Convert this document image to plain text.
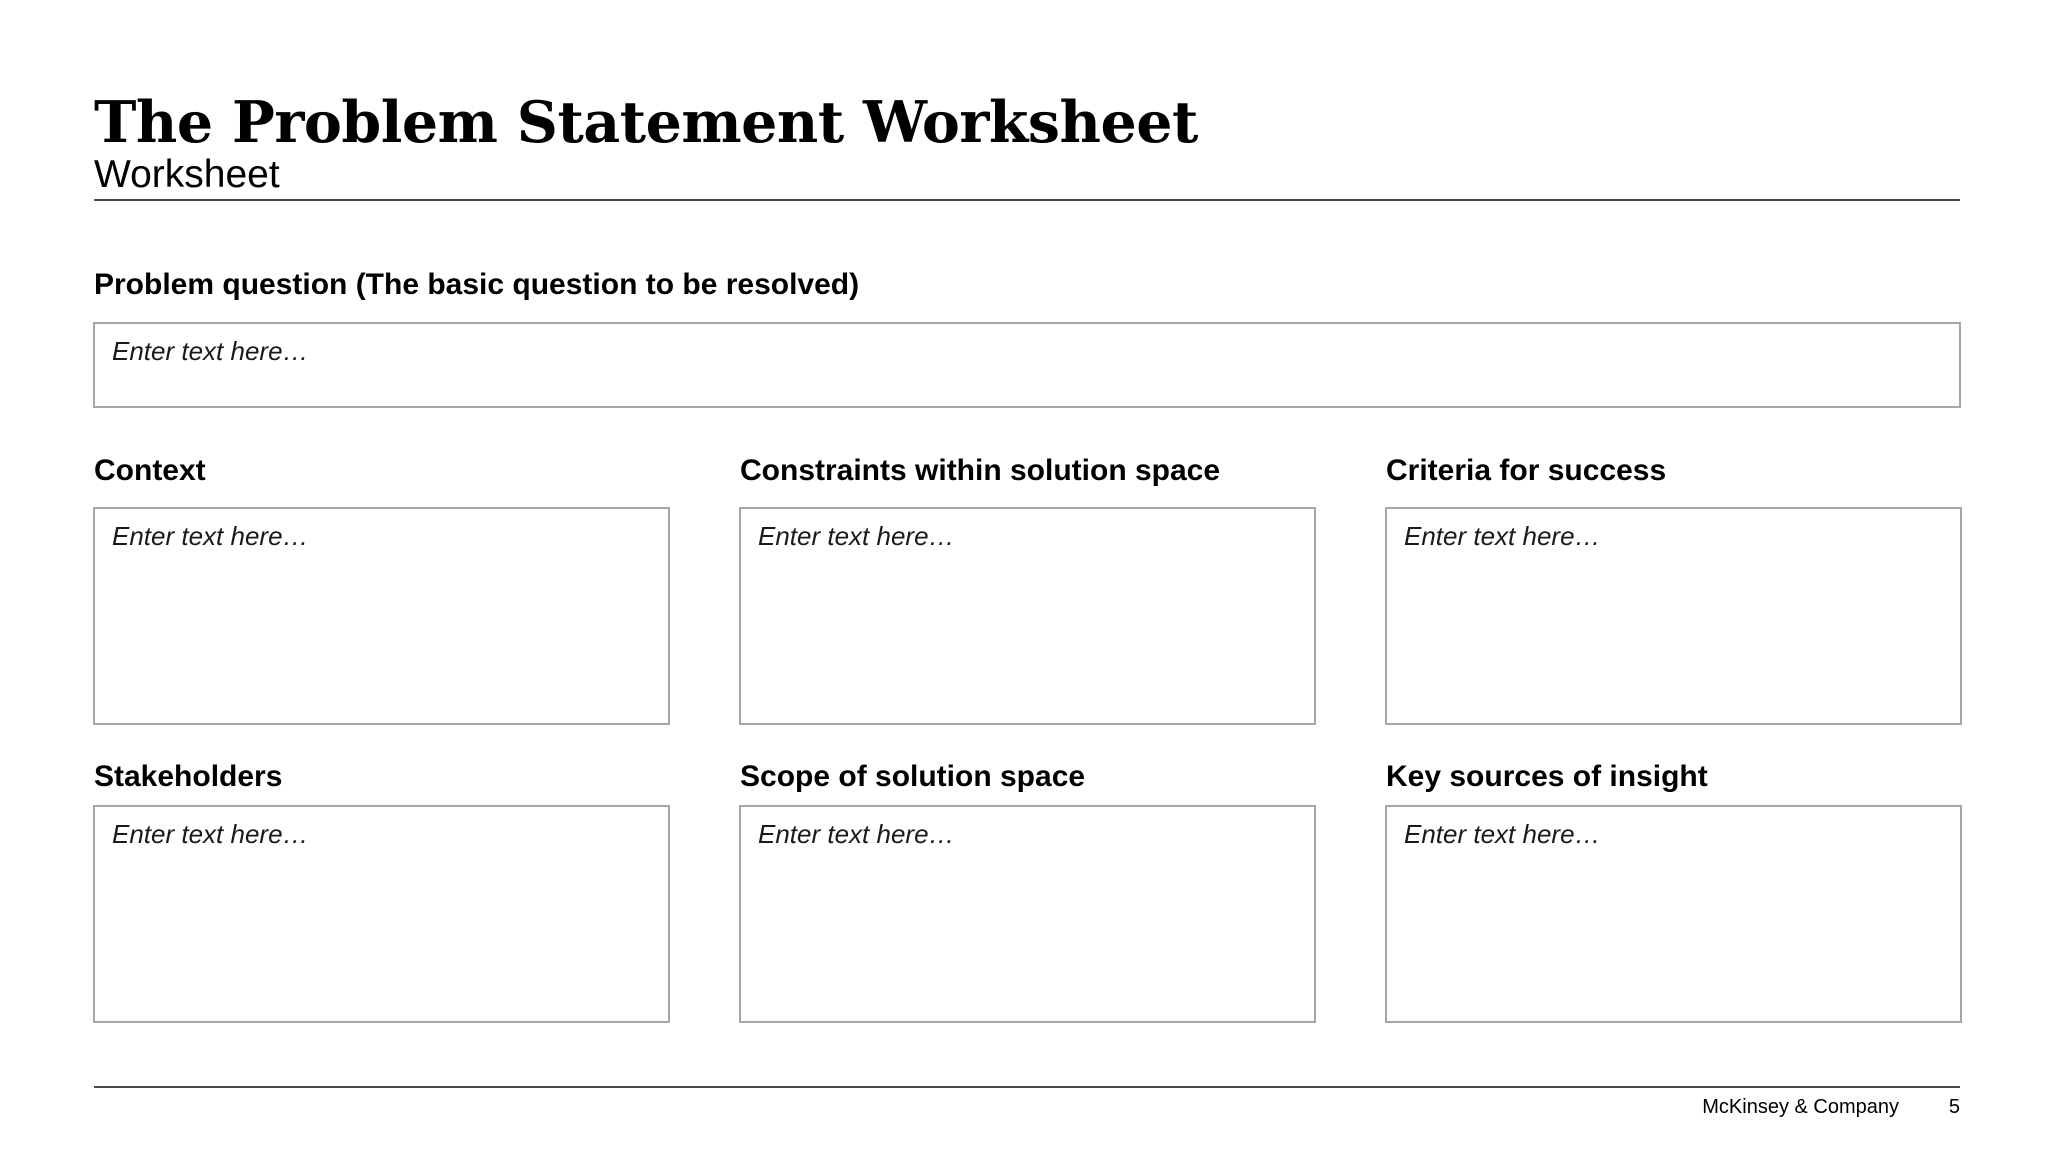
The Problem Statement Worksheet
Worksheet
Problem question (The basic question to be resolved)
Enter text here…
Context
Enter text here…
Constraints within solution space
Enter text here…
Criteria for success
Enter text here…
Stakeholders
Enter text here…
Scope of solution space
Enter text here…
Key sources of insight
Enter text here…
McKinsey & Company 5
